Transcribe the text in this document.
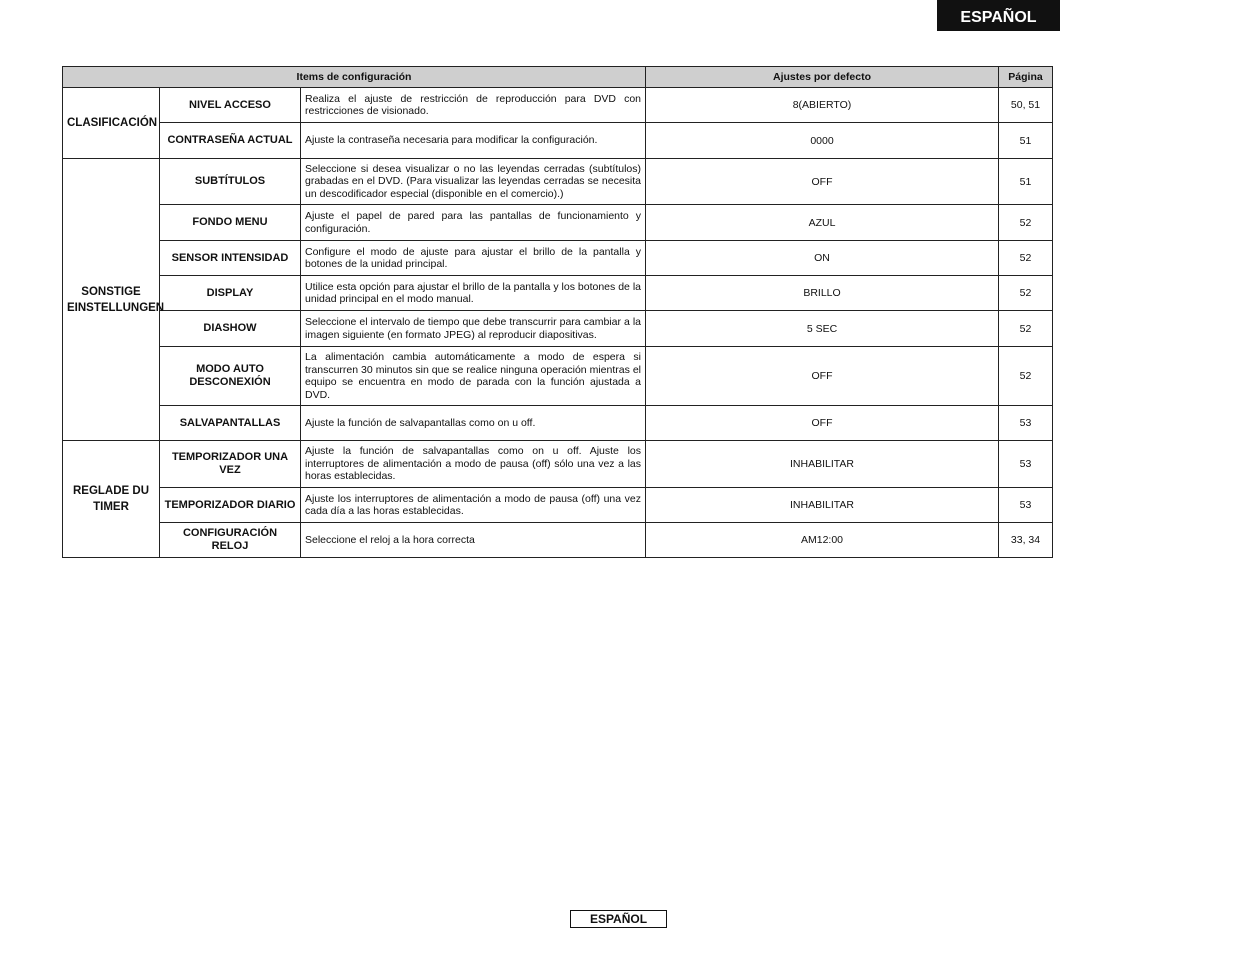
ESPAÑOL
Items de configuración			Ajustes por defecto	Página
CLASIFICACIÓN	NIVEL ACCESO	Realiza el ajuste de restricción de reproducción para DVD con restricciones de visionado.	8(ABIERTO)	50, 51
	CONTRASEÑA ACTUAL	Ajuste la contraseña necesaria para modificar la configuración.	0000	51
SONSTIGE EINSTELLUNGEN	SUBTÍTULOS	Seleccione si desea visualizar o no las leyendas cerradas (subtítulos) grabadas en el DVD. (Para visualizar las leyendas cerradas se necesita un descodificador especial (disponible en el comercio).)	OFF	51
	FONDO MENU	Ajuste el papel de pared para las pantallas de funcionamiento y configuración.	AZUL	52
	SENSOR INTENSIDAD	Configure el modo de ajuste para ajustar el brillo de la pantalla y botones de la unidad principal.	ON	52
	DISPLAY	Utilice esta opción para ajustar el brillo de la pantalla y los botones de la unidad principal en el modo manual.	BRILLO	52
	DIASHOW	Seleccione el intervalo de tiempo que debe transcurrir para cambiar a la imagen siguiente (en formato JPEG) al reproducir diapositivas.	5 SEC	52
	MODO AUTO DESCONEXIÓN	La alimentación cambia automáticamente a modo de espera si transcurren 30 minutos sin que se realice ninguna operación mientras el equipo se encuentra en modo de parada con la función ajustada a DVD.	OFF	52
	SALVAPANTALLAS	Ajuste la función de salvapantallas como on u off.	OFF	53
REGLADE DU TIMER	TEMPORIZADOR UNA VEZ	Ajuste la función de salvapantallas como on u off. Ajuste los interruptores de alimentación a modo de pausa (off) sólo una vez a las horas establecidas.	INHABILITAR	53
	TEMPORIZADOR DIARIO	Ajuste los interruptores de alimentación a modo de pausa (off) una vez cada día a las horas establecidas.	INHABILITAR	53
	CONFIGURACIÓN RELOJ	Seleccione el reloj a la hora correcta	AM12:00	33, 34
ESPAÑOL
